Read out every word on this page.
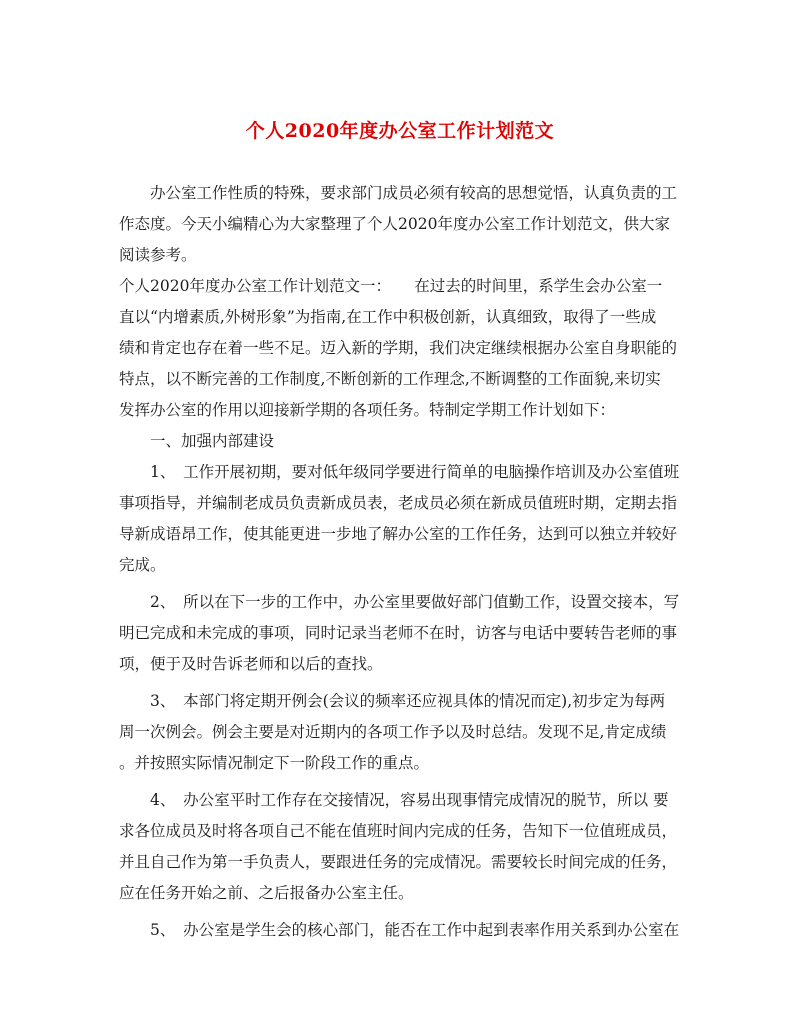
个人2020年度办公室工作计划范文

办公室工作性质的特殊，要求部门成员必须有较高的思想觉悟，认真负责的工
作态度。今天小编精心为大家整理了个人2020年度办公室工作计划范文，供大家
阅读参考。

个人2020年度办公室工作计划范文一：　　在过去的时间里，系学生会办公室一
直以“内增素质,外树形象”为指南,在工作中积极创新，认真细致，取得了一些成
绩和肯定也存在着一些不足。迈入新的学期，我们决定继续根据办公室自身职能的
特点，以不断完善的工作制度,不断创新的工作理念,不断调整的工作面貌,来切实
发挥办公室的作用以迎接新学期的各项任务。特制定学期工作计划如下：

一、加强内部建设

1、　工作开展初期，要对低年级同学要进行简单的电脑操作培训及办公室值班
事项指导，并编制老成员负责新成员表，老成员必须在新成员值班时期，定期去指
导新成语昂工作，使其能更进一步地了解办公室的工作任务，达到可以独立并较好
完成。

2、　所以在下一步的工作中，办公室里要做好部门值勤工作，设置交接本，写
明已完成和未完成的事项，同时记录当老师不在时，访客与电话中要转告老师的事
项，便于及时告诉老师和以后的查找。

3、　本部门将定期开例会(会议的频率还应视具体的情况而定),初步定为每两
周一次例会。例会主要是对近期内的各项工作予以及时总结。发现不足,肯定成绩
。并按照实际情况制定下一阶段工作的重点。

4、　办公室平时工作存在交接情况，容易出现事情完成情况的脱节，所以 要
求各位成员及时将各项自己不能在值班时间内完成的任务，告知下一位值班成员，
并且自己作为第一手负责人，要跟进任务的完成情况。需要较长时间完成的任务，
应在任务开始之前、之后报备办公室主任。

5、　办公室是学生会的核心部门，能否在工作中起到表率作用关系到办公室在
